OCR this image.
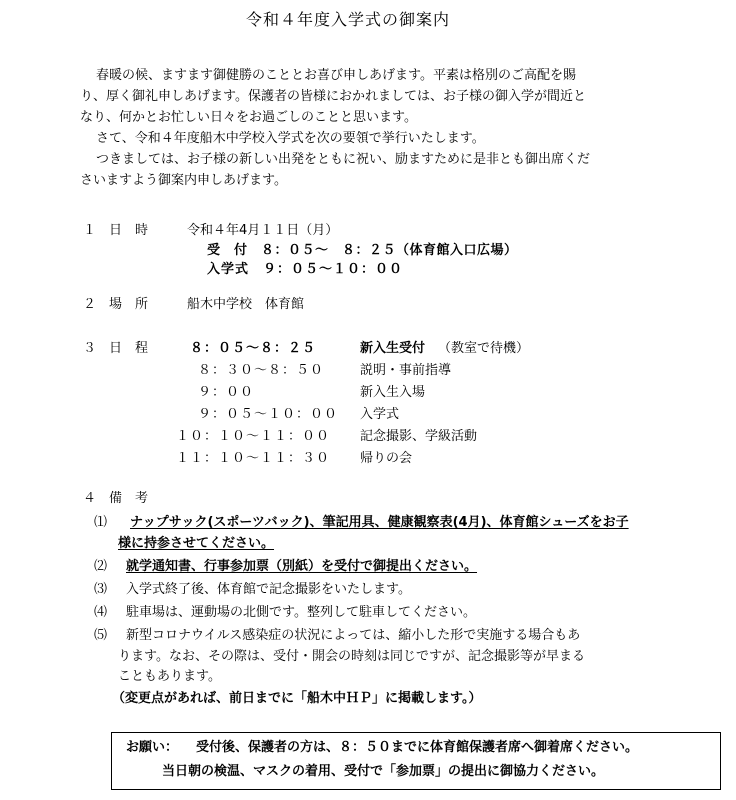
令和４年度入学式の御案内
春暖の候、ますます御健勝のこととお喜び申しあげます。平素は格別のご高配を賜
り、厚く御礼申しあげます。保護者の皆様におかれましては、お子様の御入学が間近と
なり、何かとお忙しい日々をお過ごしのことと思います。
さて、令和４年度船木中学校入学式を次の要領で挙行いたします。
つきましては、お子様の新しい出発をともに祝い、励ますために是非とも御出席くだ
さいますよう御案内申しあげます。
１　日　時	令和４年4月１１日（月）
受　付　８：０５～　８：２５（体育館入口広場）
入学式　９：０５～１０：００
２　場　所	船木中学校　体育館
３　日　程	８：０５～８：２５	新入生受付 （教室で待機）
８：３０～８：５０	説明・事前指導
９：００	新入生入場
９：０５～１０：００ 入学式
１０：１０～１１：００ 記念撮影、学級活動
１１：１０～１１：３０ 帰りの会
４　備　考
⑴ ナップサック(スポーツバック)、筆記用具、健康観察表(4月)、体育館シューズをお子
様に持参させてください。
⑵ 就学通知書、行事参加票（別紙）を受付で御提出ください。
⑶ 入学式終了後、体育館で記念撮影をいたします。
⑷ 駐車場は、運動場の北側です。整列して駐車してください。
⑸ 新型コロナウイルス感染症の状況によっては、縮小した形で実施する場合もあ
ります。なお、その際は、受付・開会の時刻は同じですが、記念撮影等が早まる
こともあります。
（変更点があれば、前日までに「船木中ＨＰ」に掲載します。）
お願い： 受付後、保護者の方は、８：５０までに体育館保護者席へ御着席ください。
当日朝の検温、マスクの着用、受付で「参加票」の提出に御協力ください。
